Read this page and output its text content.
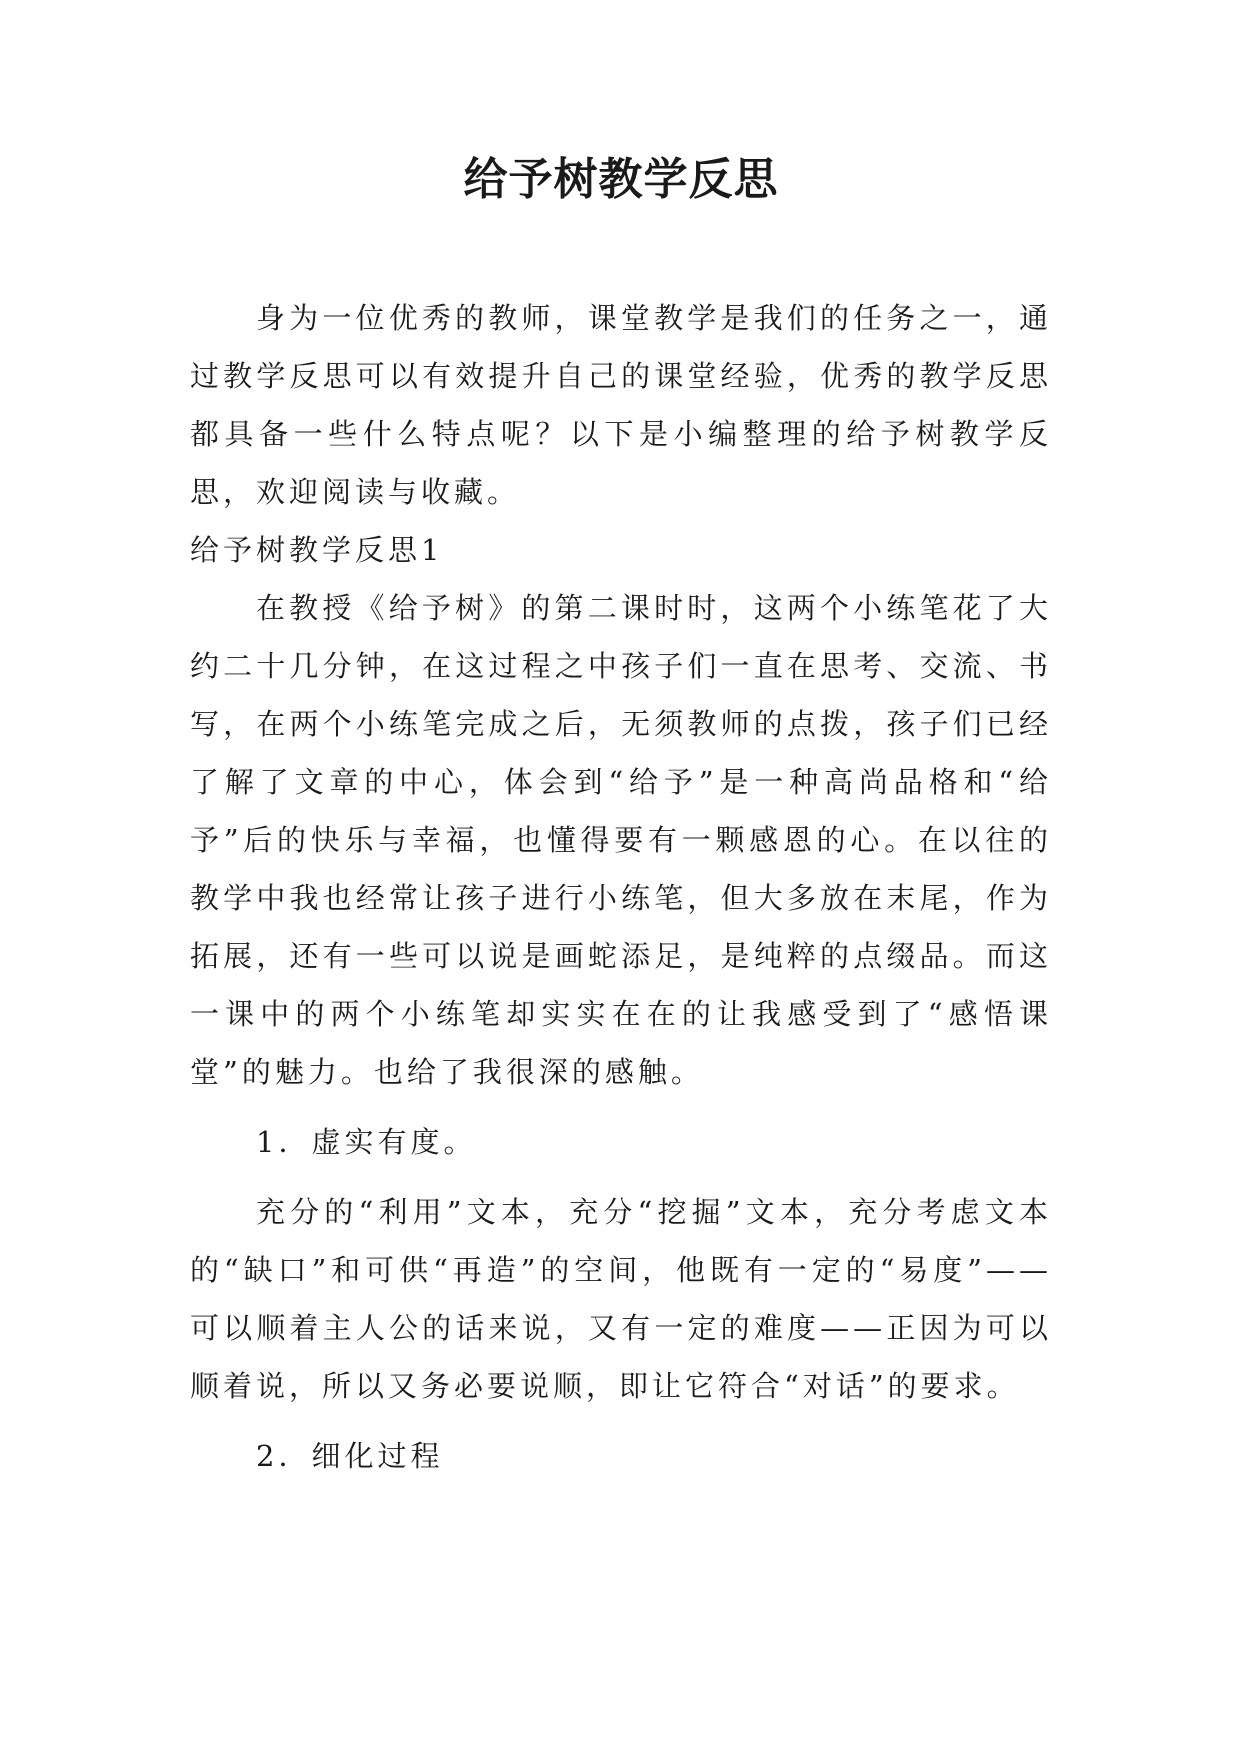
给予树教学反思

身为一位优秀的教师，课堂教学是我们的任务之一，通过教学反思可以有效提升自己的课堂经验，优秀的教学反思都具备一些什么特点呢？以下是小编整理的给予树教学反思，欢迎阅读与收藏。

给予树教学反思1

在教授《给予树》的第二课时时，这两个小练笔花了大约二十几分钟，在这过程之中孩子们一直在思考、交流、书写，在两个小练笔完成之后，无须教师的点拨，孩子们已经了解了文章的中心，体会到“给予”是一种高尚品格和“给予”后的快乐与幸福，也懂得要有一颗感恩的心。在以往的教学中我也经常让孩子进行小练笔，但大多放在末尾，作为拓展，还有一些可以说是画蛇添足，是纯粹的点缀品。而这一课中的两个小练笔却实实在在的让我感受到了“感悟课堂”的魅力。也给了我很深的感触。

1．虚实有度。

充分的“利用”文本，充分“挖掘”文本，充分考虑文本的“缺口”和可供“再造”的空间，他既有一定的“易度”——可以顺着主人公的话来说，又有一定的难度——正因为可以顺着说，所以又务必要说顺，即让它符合“对话”的要求。

2．细化过程
